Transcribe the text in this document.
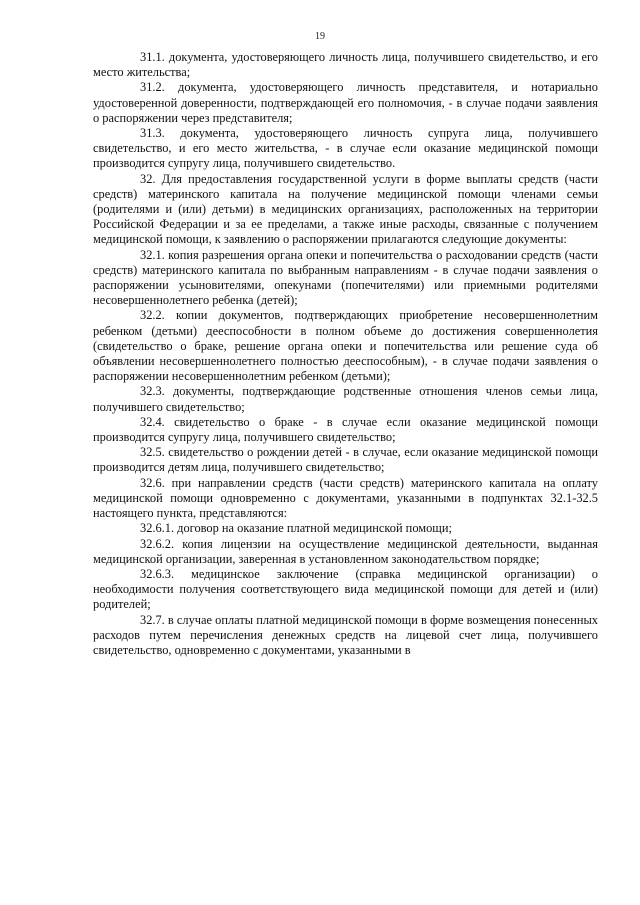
19

31.1. документа, удостоверяющего личность лица, получившего свидетельство, и его место жительства;

31.2. документа, удостоверяющего личность представителя, и нотариально удостоверенной доверенности, подтверждающей его полномочия, - в случае подачи заявления о распоряжении через представителя;

31.3. документа, удостоверяющего личность супруга лица, получившего свидетельство, и его место жительства, - в случае если оказание медицинской помощи производится супругу лица, получившего свидетельство.

32. Для предоставления государственной услуги в форме выплаты средств (части средств) материнского капитала на получение медицинской помощи членами семьи (родителями и (или) детьми) в медицинских организациях, расположенных на территории Российской Федерации и за ее пределами, а также иные расходы, связанные с получением медицинской помощи, к заявлению о распоряжении прилагаются следующие документы:

32.1. копия разрешения органа опеки и попечительства о расходовании средств (части средств) материнского капитала по выбранным направлениям - в случае подачи заявления о распоряжении усыновителями, опекунами (попечителями) или приемными родителями несовершеннолетнего ребенка (детей);

32.2. копии документов, подтверждающих приобретение несовершеннолетним ребенком (детьми) дееспособности в полном объеме до достижения совершеннолетия (свидетельство о браке, решение органа опеки и попечительства или решение суда об объявлении несовершеннолетнего полностью дееспособным), - в случае подачи заявления о распоряжении несовершеннолетним ребенком (детьми);

32.3. документы, подтверждающие родственные отношения членов семьи лица, получившего свидетельство;

32.4. свидетельство о браке - в случае если оказание медицинской помощи производится супругу лица, получившего свидетельство;

32.5. свидетельство о рождении детей - в случае, если оказание медицинской помощи производится детям лица, получившего свидетельство;

32.6. при направлении средств (части средств) материнского капитала на оплату медицинской помощи одновременно с документами, указанными в подпунктах 32.1-32.5 настоящего пункта, представляются:

32.6.1. договор на оказание платной медицинской помощи;

32.6.2. копия лицензии на осуществление медицинской деятельности, выданная медицинской организации, заверенная в установленном законодательством порядке;

32.6.3. медицинское заключение (справка медицинской организации) о необходимости получения соответствующего вида медицинской помощи для детей и (или) родителей;

32.7. в случае оплаты платной медицинской помощи в форме возмещения понесенных расходов путем перечисления денежных средств на лицевой счет лица, получившего свидетельство, одновременно с документами, указанными в
